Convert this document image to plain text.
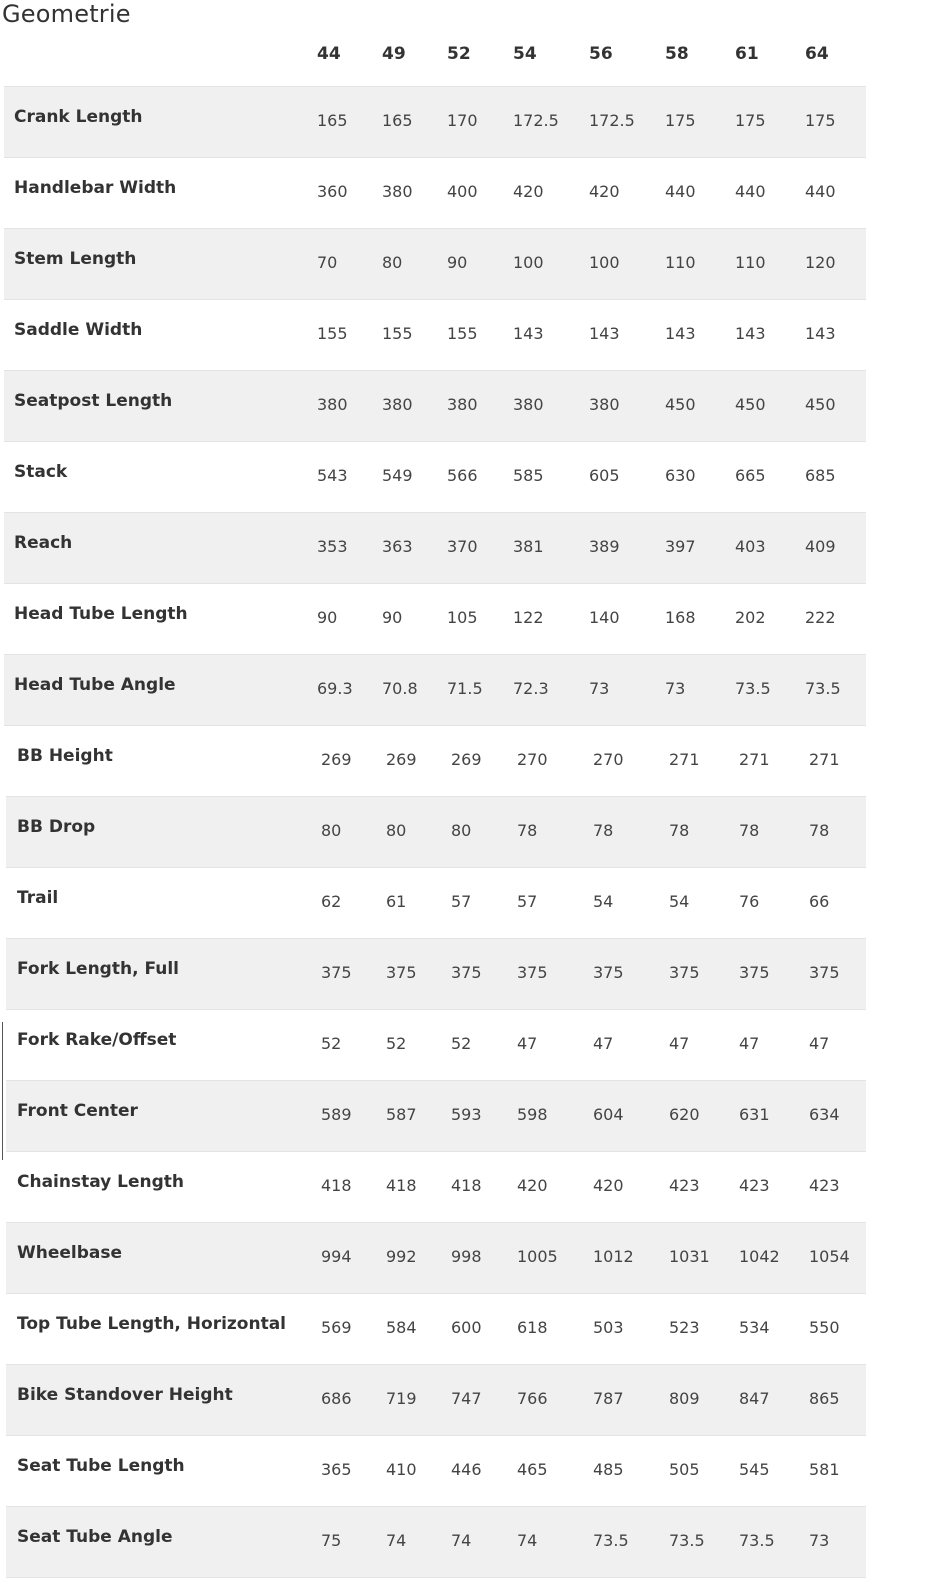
Geometrie
44 49 52 54	56	58	61	64
Crank Length	165 165 170 172.5 172.5 175 175 175
Handlebar Width	360 380 400 420	420	440 440 440
Stem Length	70	80	90	100	100	110 110 120
Saddle Width	155 155 155 143	143	143 143 143
Seatpost Length	380 380 380 380	380	450 450 450
Stack	543 549 566 585	605	630 665 685
Reach	353 363 370 381	389	397 403 409
Head Tube Length	90	90	105 122	140	168 202 222
Head Tube Angle	69.3 70.8 71.5 72.3	73	73	73.5 73.5
BB Height	269 269 269 270	270	271 271 271
BB Drop	80	80	80	78	78	78	78	78
Trail	62	61	57	57	54	54	76	66
Fork Length, Full	375 375 375 375	375	375 375 375
Fork Rake/Offset	52	52	52	47	47	47	47	47
Front Center	589 587 593 598	604	620 631 634
Chainstay Length	418 418 418 420	420	423 423 423
Wheelbase	994 992 998 1005 1012 1031 1042 1054
Top Tube Length, Horizontal 569 584 600 618	503	523 534 550
Bike Standover Height	686 719 747 766	787	809 847 865
Seat Tube Length	365 410 446 465	485	505 545 581
Seat Tube Angle	75	74	74	74	73.5	73.5 73.5 73
